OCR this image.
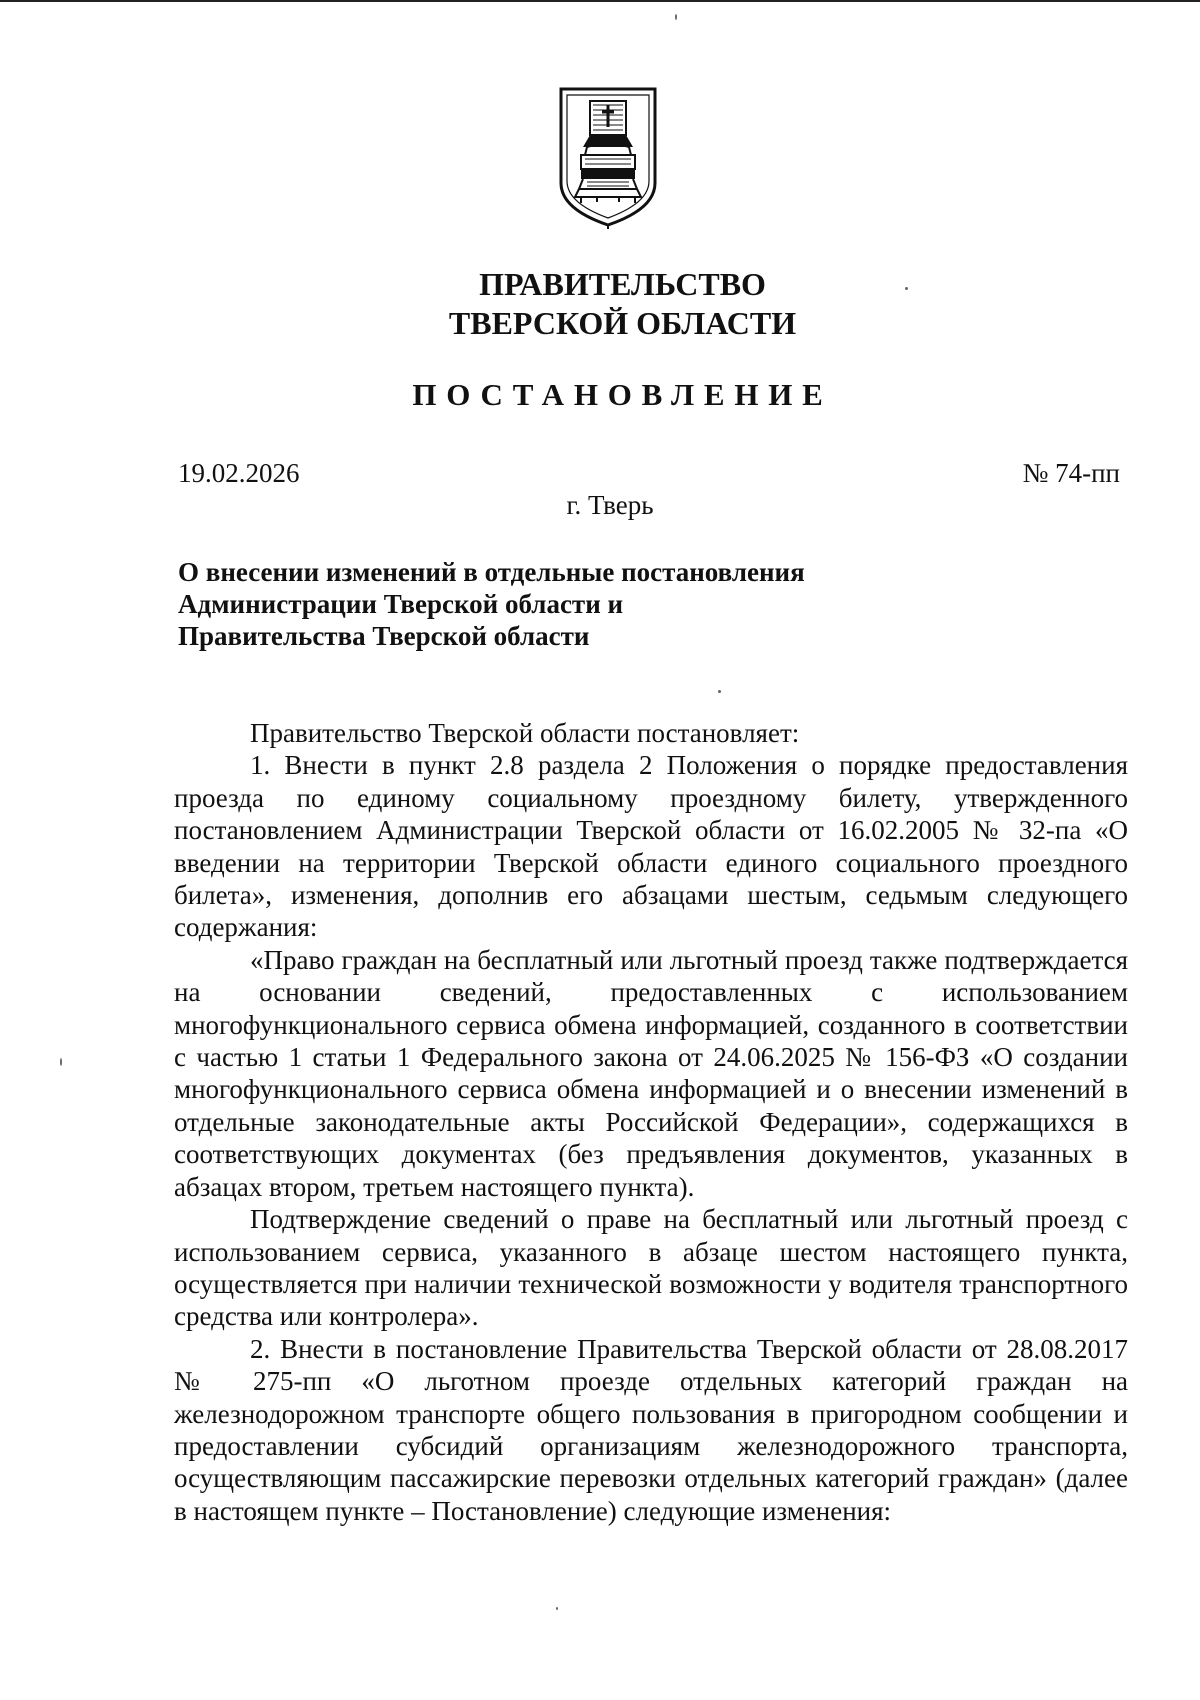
ПРАВИТЕЛЬСТВО
ТВЕРСКОЙ ОБЛАСТИ
ПОСТАНОВЛЕНИЕ
19.02.2026	№ 74-пп
г. Тверь
О внесении изменений в отдельные постановления
Администрации Тверской области и
Правительства Тверской области

Правительство Тверской области постановляет:

1. Внести в пункт 2.8 раздела 2 Положения о порядке предоставления проезда по единому социальному проездному билету, утвержденного постановлением Администрации Тверской области от 16.02.2005 № 32-па «О введении на территории Тверской области единого социального проездного билета», изменения, дополнив его абзацами шестым, седьмым следующего содержания:

«Право граждан на бесплатный или льготный проезд также подтверждается на основании сведений, предоставленных с использованием многофункционального сервиса обмена информацией, созданного в соответствии с частью 1 статьи 1 Федерального закона от 24.06.2025 № 156-ФЗ «О создании многофункционального сервиса обмена информацией и о внесении изменений в отдельные законодательные акты Российской Федерации», содержащихся в соответствующих документах (без предъявления документов, указанных в абзацах втором, третьем настоящего пункта).

Подтверждение сведений о праве на бесплатный или льготный проезд с использованием сервиса, указанного в абзаце шестом настоящего пункта, осуществляется при наличии технической возможности у водителя транспортного средства или контролера».

2. Внести в постановление Правительства Тверской области от 28.08.2017 № 275-пп «О льготном проезде отдельных категорий граждан на железнодорожном транспорте общего пользования в пригородном сообщении и предоставлении субсидий организациям железнодорожного транспорта, осуществляющим пассажирские перевозки отдельных категорий граждан» (далее в настоящем пункте – Постановление) следующие изменения:
